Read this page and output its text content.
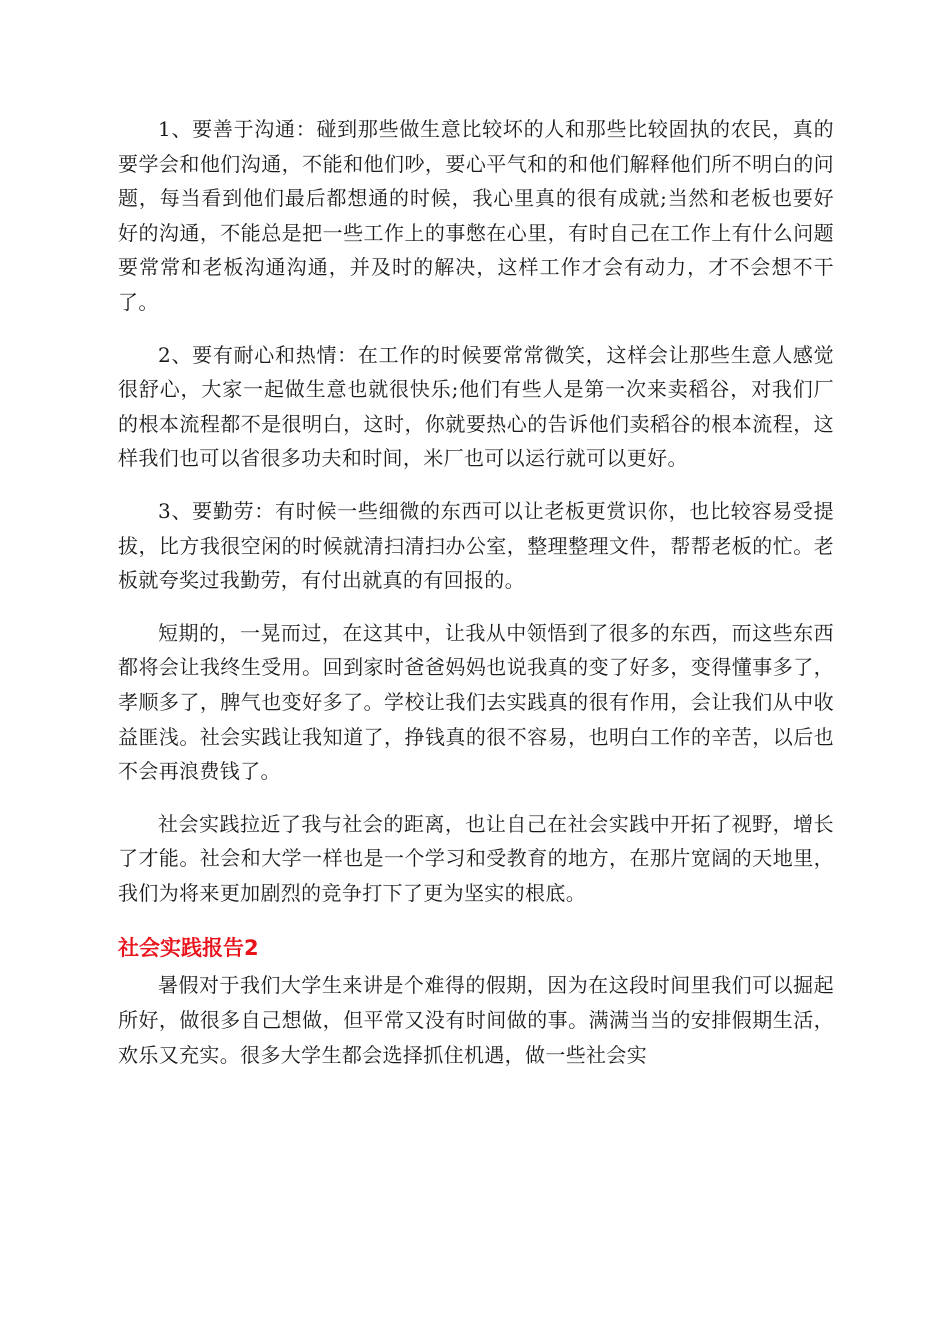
1、要善于沟通：碰到那些做生意比较坏的人和那些比较固执的农民，真的要学会和他们沟通，不能和他们吵，要心平气和的和他们解释他们所不明白的问题，每当看到他们最后都想通的时候，我心里真的很有成就;当然和老板也要好好的沟通，不能总是把一些工作上的事憋在心里，有时自己在工作上有什么问题要常常和老板沟通沟通，并及时的解决，这样工作才会有动力，才不会想不干了。

2、要有耐心和热情：在工作的时候要常常微笑，这样会让那些生意人感觉很舒心，大家一起做生意也就很快乐;他们有些人是第一次来卖稻谷，对我们厂的根本流程都不是很明白，这时，你就要热心的告诉他们卖稻谷的根本流程，这样我们也可以省很多功夫和时间，米厂也可以运行就可以更好。

3、要勤劳：有时候一些细微的东西可以让老板更赏识你，也比较容易受提拔，比方我很空闲的时候就清扫清扫办公室，整理整理文件，帮帮老板的忙。老板就夸奖过我勤劳，有付出就真的有回报的。

短期的，一晃而过，在这其中，让我从中领悟到了很多的东西，而这些东西都将会让我终生受用。回到家时爸爸妈妈也说我真的变了好多，变得懂事多了，孝顺多了，脾气也变好多了。学校让我们去实践真的很有作用，会让我们从中收益匪浅。社会实践让我知道了，挣钱真的很不容易，也明白工作的辛苦，以后也不会再浪费钱了。

社会实践拉近了我与社会的距离，也让自己在社会实践中开拓了视野，增长了才能。社会和大学一样也是一个学习和受教育的地方，在那片宽阔的天地里，我们为将来更加剧烈的竞争打下了更为坚实的根底。

社会实践报告2

暑假对于我们大学生来讲是个难得的假期，因为在这段时间里我们可以掘起所好，做很多自己想做，但平常又没有时间做的事。满满当当的安排假期生活，欢乐又充实。很多大学生都会选择抓住机遇，做一些社会实
